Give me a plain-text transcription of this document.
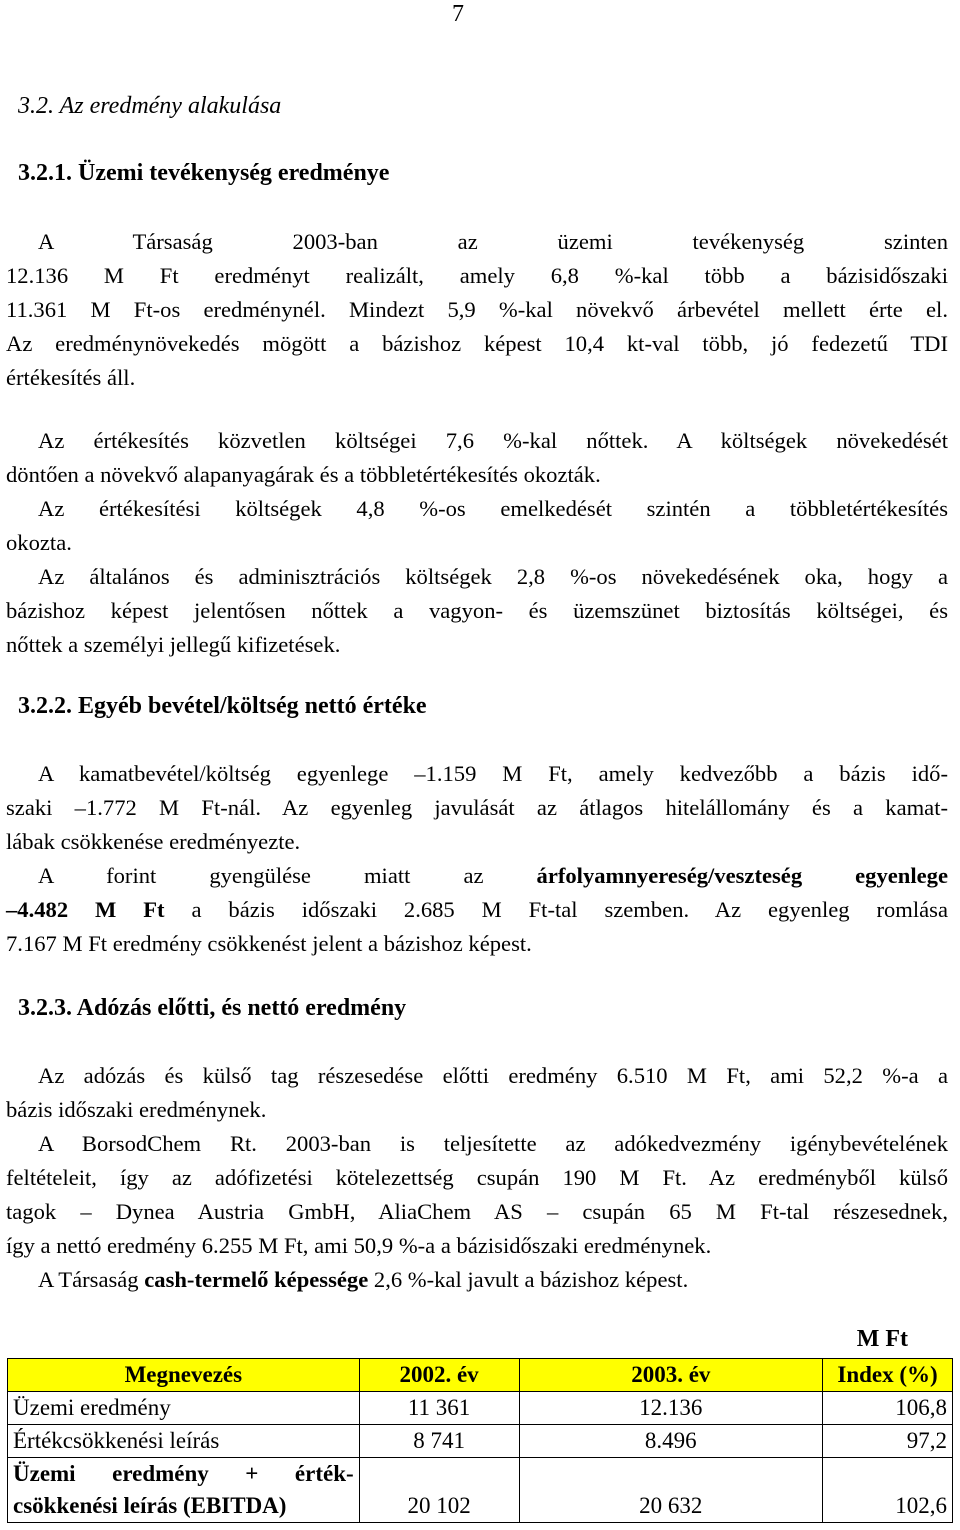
7
3.2. Az eredmény alakulása
3.2.1. Üzemi tevékenység eredménye

A Társaság 2003-ban az üzemi tevékenység szinten

12.136 M Ft eredményt realizált, amely 6,8 %-kal több a bázisidőszaki

11.361 M Ft-os eredménynél. Mindezt 5,9 %-kal növekvő árbevétel mellett érte el.

Az eredménynövekedés mögött a bázishoz képest 10,4 kt-val több, jó fedezetű TDI

értékesítés áll.

Az értékesítés közvetlen költségei 7,6 %-kal nőttek. A költségek növekedését

döntően a növekvő alapanyagárak és a többletértékesítés okozták.

Az értékesítési költségek 4,8 %-os emelkedését szintén a többletértékesítés

okozta.

Az általános és adminisztrációs költségek 2,8 %-os növekedésének oka, hogy a

bázishoz képest jelentősen nőttek a vagyon- és üzemszünet biztosítás költségei, és

nőttek a személyi jellegű kifizetések.

3.2.2. Egyéb bevétel/költség nettó értéke

A kamatbevétel/költség egyenlege –1.159 M Ft, amely kedvezőbb a bázis idő-

szaki –1.772 M Ft-nál. Az egyenleg javulását az átlagos hitelállomány és a kamat-

lábak csökkenése eredményezte.

A forint gyengülése miatt az árfolyamnyereség/veszteség egyenlege

–4.482 M Ft a bázis időszaki 2.685 M Ft-tal szemben. Az egyenleg romlása

7.167 M Ft eredmény csökkenést jelent a bázishoz képest.

3.2.3. Adózás előtti, és nettó eredmény

Az adózás és külső tag részesedése előtti eredmény 6.510 M Ft, ami 52,2 %-a a

bázis időszaki eredménynek.

A BorsodChem Rt. 2003-ban is teljesítette az adókedvezmény igénybevételének

feltételeit, így az adófizetési kötelezettség csupán 190 M Ft. Az eredményből külső

tagok – Dynea Austria GmbH, AliaChem AS – csupán 65 M Ft-tal részesednek,

így a nettó eredmény 6.255 M Ft, ami 50,9 %-a a bázisidőszaki eredménynek.

A Társaság cash-termelő képessége 2,6 %-kal javult a bázishoz képest.

M Ft
Megnevezés	2002. év	2003. év	Index (%)
Üzemi eredmény	11 361	12.136	106,8
Értékcsökkenési leírás	8 741	8.496	97,2

Üzemi eredmény + érték-
csökkenési leírás (EBITDA)	20 102	20 632	102,6
